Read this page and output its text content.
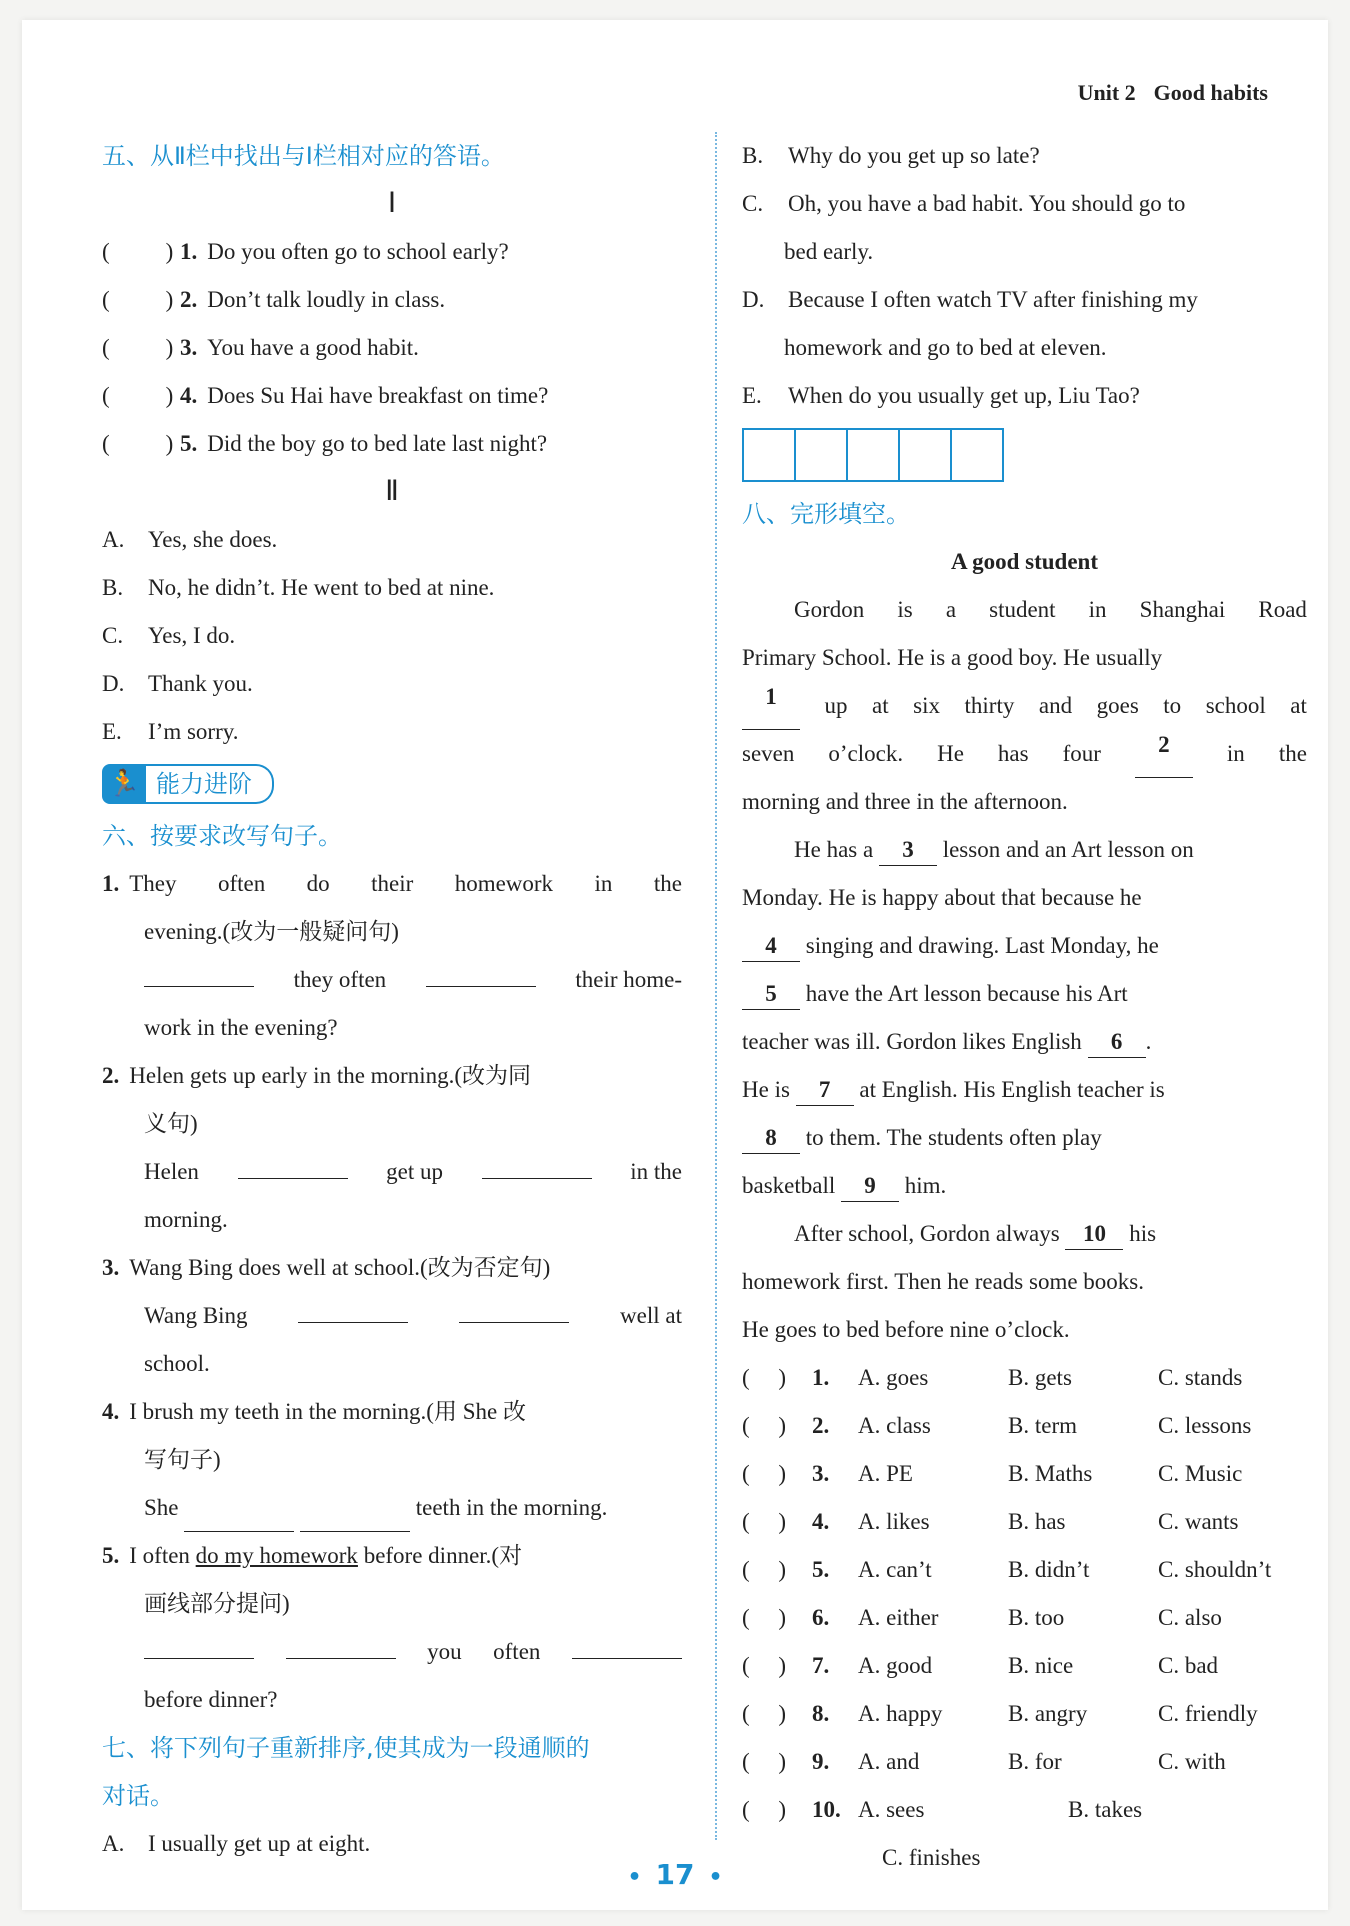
Unit 2 Good habits
五、从Ⅱ栏中找出与Ⅰ栏相对应的答语。
Ⅰ
( ) 1. Do you often go to school early?
( ) 2. Don’t talk loudly in class.
( ) 3. You have a good habit.
( ) 4. Does Su Hai have breakfast on time?
( ) 5. Did the boy go to bed late last night?
Ⅱ
A. Yes, she does.
B. No, he didn’t. He went to bed at nine.
C. Yes, I do.
D. Thank you.
E. I’m sorry.
🏃 能力进阶
六、按要求改写句子。
1. They often do their homework in the
evening.(改为一般疑问句)
they often	their home-
work in the evening?
2. Helen gets up early in the morning.(改为同
义句)
Helen	get up	in the
morning.
3. Wang Bing does well at school.(改为否定句)
Wang Bing	well at
school.
4. I brush my teeth in the morning.(用 She 改
写句子)
She	teeth in the morning.
5. I often do my homework before dinner.(对
画线部分提问)
you often
before dinner?
七、将下列句子重新排序,使其成为一段通顺的
对话。
A. I usually get up at eight.
B. Why do you get up so late?
C. Oh, you have a bad habit. You should go to
bed early.
D. Because I often watch TV after finishing my
homework and go to bed at eleven.
E. When do you usually get up, Liu Tao?
八、完形填空。
A good student
Gordon is a student in Shanghai Road
Primary School. He is a good boy. He usually
1	up at six thirty and goes to school at
seven o’clock. He has four	2	in the
morning and three in the afternoon.
He has a 3 lesson and an Art lesson on
Monday. He is happy about that because he
4 singing and drawing. Last Monday, he
5 have the Art lesson because his Art
teacher was ill. Gordon likes English 6 .
He is 7 at English. His English teacher is
8 to them. The students often play
basketball 9 him.
After school, Gordon always 10 his
homework first. Then he reads some books.
He goes to bed before nine o’clock.
(     )	1.	A. goes	B. gets	C. stands
(     )	2.	A. class	B. term	C. lessons
(     )	3.	A. PE	B. Maths	C. Music
(     )	4.	A. likes	B. has	C. wants
(     )	5.	A. can’t	B. didn’t	C. shouldn’t
(     )	6.	A. either	B. too	C. also
(     )	7.	A. good	B. nice	C. bad
(     )	8.	A. happy	B. angry	C. friendly
(     )	9.	A. and	B. for	C. with
(     )	10. A. sees	B. takes
C. finishes
• 17 •
